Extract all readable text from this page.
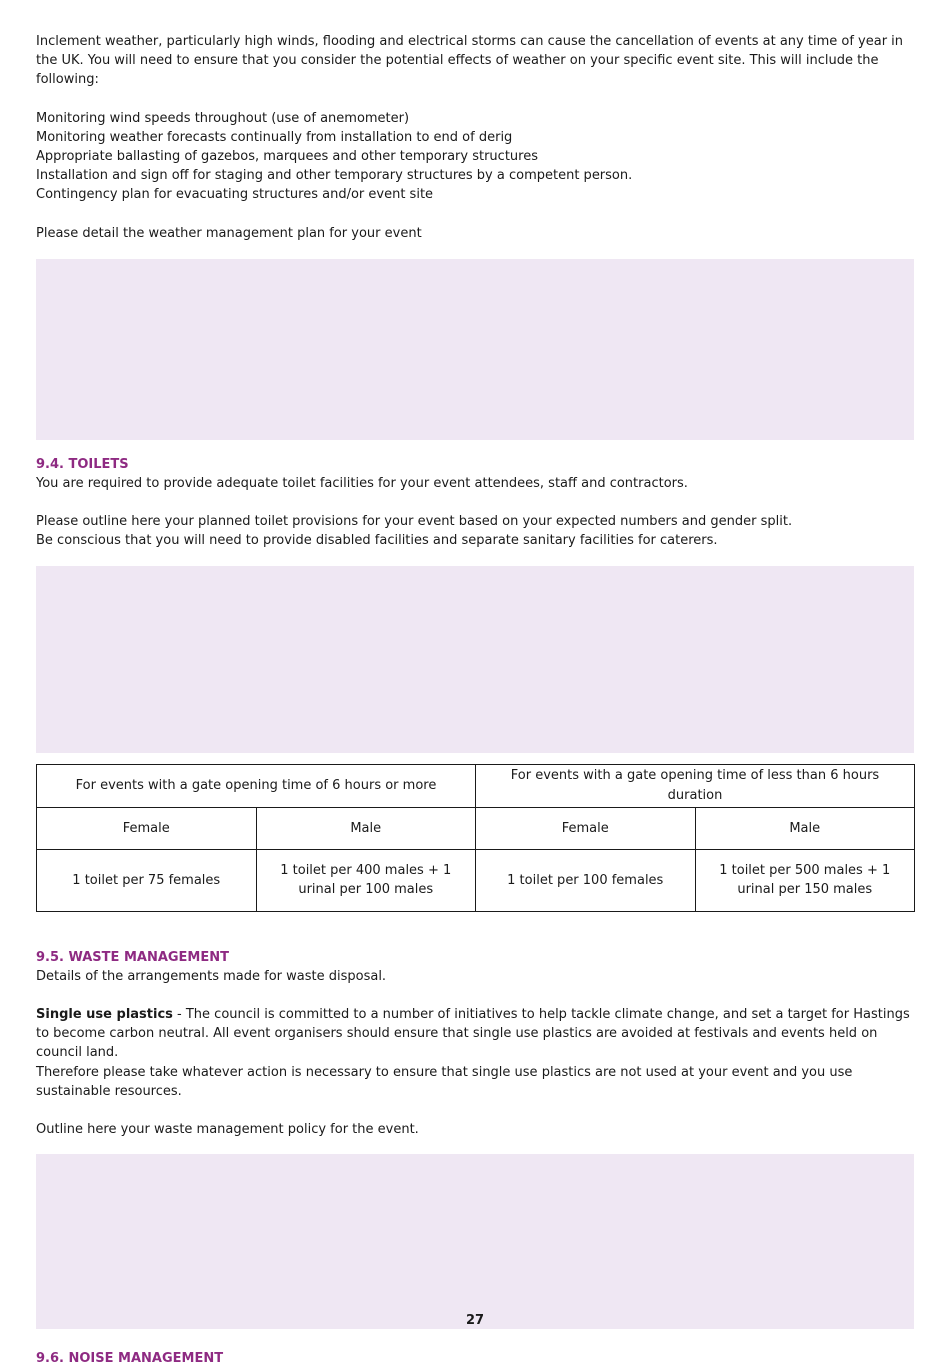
Inclement weather, particularly high winds, flooding and electrical storms can cause the cancellation of events at any time of year in the UK. You will need to ensure that you consider the potential effects of weather on your specific event site. This will include the following:

Monitoring wind speeds throughout (use of anemometer)

Monitoring weather forecasts continually from installation to end of derig

Appropriate ballasting of gazebos, marquees and other temporary structures

Installation and sign off for staging and other temporary structures by a competent person.

Contingency plan for evacuating structures and/or event site

Please detail the weather management plan for your event

9.4. TOILETS

You are required to provide adequate toilet facilities for your event attendees, staff and contractors.

Please outline here your planned toilet provisions for your event based on your expected numbers and gender split.

Be conscious that you will need to provide disabled facilities and separate sanitary facilities for caterers.

For events with a gate opening time of 6 hours or more		For events with a gate opening time of less than 6 hours duration	
Female	Male	Female	Male
1 toilet per 75 females	1 toilet per 400 males + 1 urinal per 100 males	1 toilet per 100 females	1 toilet per 500 males + 1 urinal per 150 males

9.5. WASTE MANAGEMENT

Details of the arrangements made for waste disposal.

Single use plastics - The council is committed to a number of initiatives to help tackle climate change, and set a target for Hastings to become carbon neutral. All event organisers should ensure that single use plastics are avoided at festivals and events held on council land.

Therefore please take whatever action is necessary to ensure that single use plastics are not used at your event and you use sustainable resources.

Outline here your waste management policy for the event.

9.6. NOISE MANAGEMENT

27
